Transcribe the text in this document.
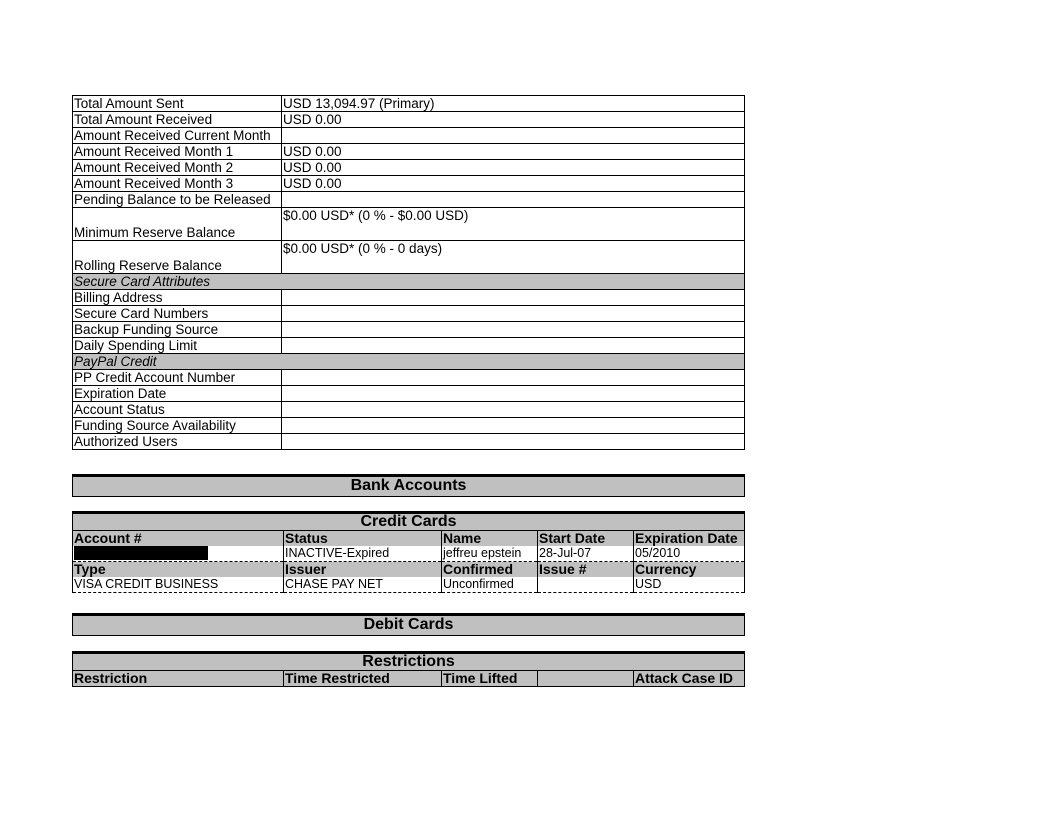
Total Amount Sent	USD 13,094.97 (Primary)
Total Amount Received	USD 0.00
Amount Received Current Month	
Amount Received Month 1	USD 0.00
Amount Received Month 2	USD 0.00
Amount Received Month 3	USD 0.00
Pending Balance to be Released	
Minimum Reserve Balance	$0.00 USD* (0 % - $0.00 USD)
Rolling Reserve Balance	$0.00 USD* (0 % - 0 days)
Secure Card Attributes	
Billing Address	
Secure Card Numbers	
Backup Funding Source	
Daily Spending Limit	
PayPal Credit	
PP Credit Account Number	
Expiration Date	
Account Status	
Funding Source Availability	
Authorized Users	
Bank Accounts
Credit Cards
Account #	Status	Name	Start Date	Expiration Date
	INACTIVE-Expired	jeffreu epstein	28-Jul-07	05/2010
Type	Issuer	Confirmed	Issue #	Currency
VISA CREDIT BUSINESS	CHASE PAY NET	Unconfirmed		USD
Debit Cards
Restrictions
Restriction	Time Restricted	Time Lifted		Attack Case ID
